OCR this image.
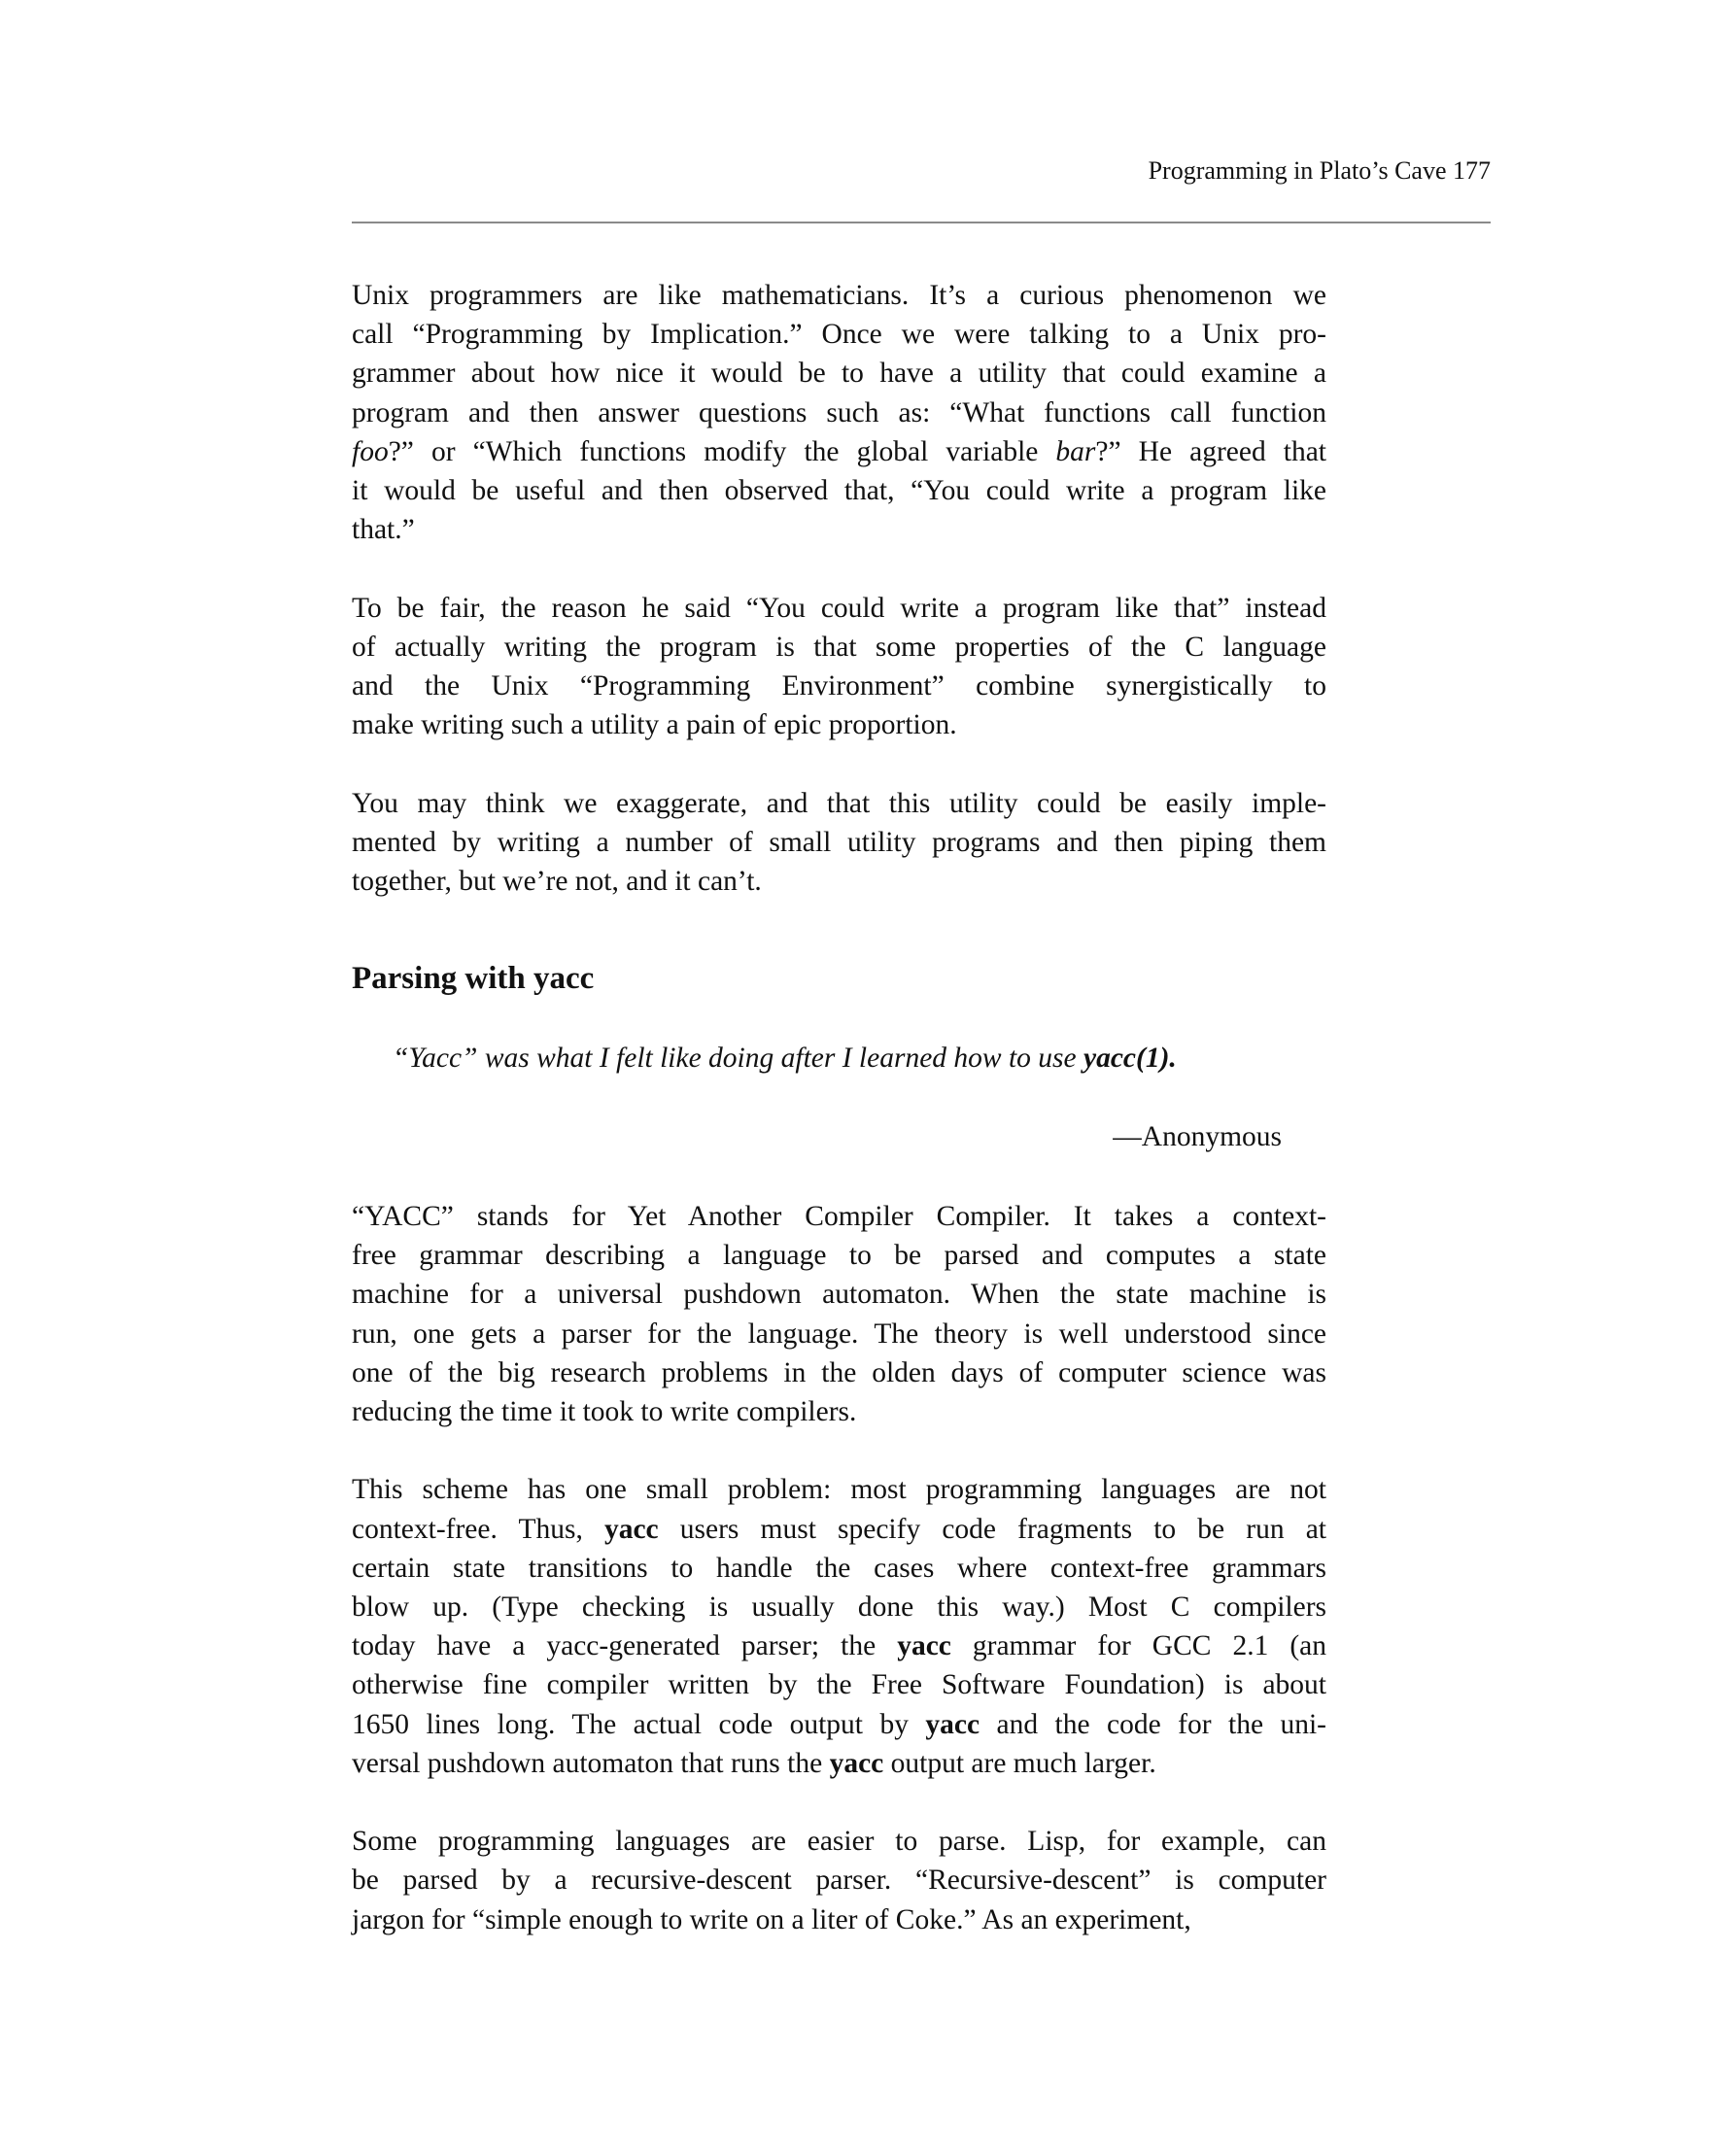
Programming in Plato’s Cave 177
Unix programmers are like mathematicians. It’s a curious phenomenon we
call “Programming by Implication.” Once we were talking to a Unix pro-
grammer about how nice it would be to have a utility that could examine a
program and then answer questions such as: “What functions call function
foo?” or “Which functions modify the global variable bar?” He agreed that
it would be useful and then observed that, “You could write a program like
that.”
To be fair, the reason he said “You could write a program like that” instead
of actually writing the program is that some properties of the C language
and the Unix “Programming Environment” combine synergistically to
make writing such a utility a pain of epic proportion.
You may think we exaggerate, and that this utility could be easily imple-
mented by writing a number of small utility programs and then piping them
together, but we’re not, and it can’t.
Parsing with yacc
“Yacc” was what I felt like doing after I learned how to use yacc(1).
—Anonymous
“YACC” stands for Yet Another Compiler Compiler. It takes a context-
free grammar describing a language to be parsed and computes a state
machine for a universal pushdown automaton. When the state machine is
run, one gets a parser for the language. The theory is well understood since
one of the big research problems in the olden days of computer science was
reducing the time it took to write compilers.
This scheme has one small problem: most programming languages are not
context-free. Thus, yacc users must specify code fragments to be run at
certain state transitions to handle the cases where context-free grammars
blow up. (Type checking is usually done this way.) Most C compilers
today have a yacc-generated parser; the yacc grammar for GCC 2.1 (an
otherwise fine compiler written by the Free Software Foundation) is about
1650 lines long. The actual code output by yacc and the code for the uni-
versal pushdown automaton that runs the yacc output are much larger.
Some programming languages are easier to parse. Lisp, for example, can
be parsed by a recursive-descent parser. “Recursive-descent” is computer
jargon for “simple enough to write on a liter of Coke.” As an experiment,
